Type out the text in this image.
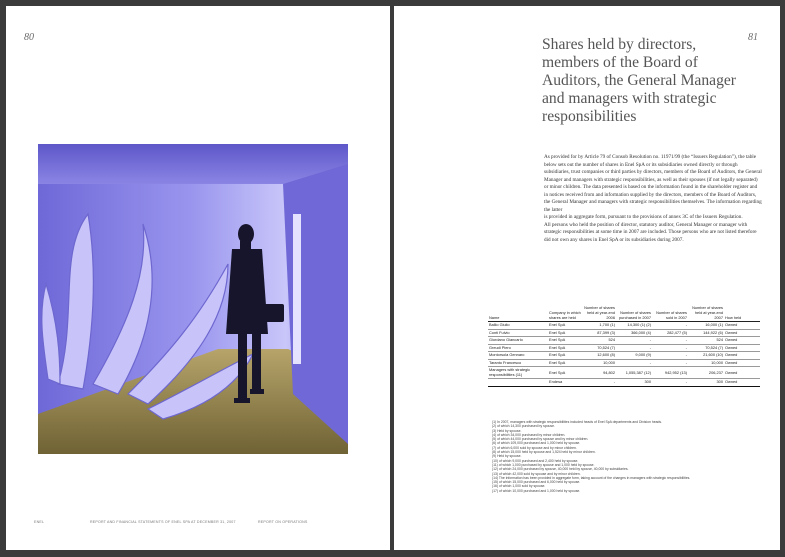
80
ENEL	REPORT AND FINANCIAL STATEMENTS OF ENEL SPA AT DECEMBER 31, 2007	REPORT ON OPERATIONS
81
Shares held by directors, members of the Board of Auditors, the General Manager and managers with strategic responsibilities

As provided for by Article 79 of Consob Resolution no. 11971/99 (the “Issuers Regulation”), the table below sets out the number of shares in Enel SpA or its subsidiaries owned directly or through subsidiaries, trust companies or third parties by directors, members of the Board of Auditors, the General Manager and managers with strategic responsibilities, as well as their spouses (if not legally separated) or minor children. The data presented is based on the information found in the shareholder register and in notices received from and information supplied by the directors, members of the Board of Auditors, the General Manager and managers with strategic responsibilities themselves. The information regarding the latter

is provided in aggregate form, pursuant to the provisions of annex 3C of the Issuers Regulation.

All persons who held the position of director, statutory auditor, General Manager or manager with strategic responsibilities at some time in 2007 are included. Those persons who are not listed therefore did not own any shares in Enel SpA or its subsidiaries during 2007.

Name	Company in which shares are held	Number of shares held at year-end 2006	Number of shares purchased in 2007	Number of shares sold in 2007	Number of shares held at year-end 2007	How held
Ballio Giulio	Enel SpA	1,700 (1)	14,300 (1) (2)	-	16,000 (1)	Owned
Conti Fulvio	Enel SpA	87,399 (3)	366,000 (4)	282,477 (5)	144,922 (6)	Owned
Giordano Giancarlo	Enel SpA	524	-	-	524	Owned
Greudi Piero	Enel SpA	70,524 (7)	-	-	70,524 (7)	Owned
Montorsola Gennaro	Enel SpA	12,600 (8)	9,000 (9)	-	21,600 (10)	Owned
Taranto Francesco	Enel SpA	10,000	-	-	10,000	Owned
Managers with strategic responsibilities (11)	Enel SpA	94,802	1,055,387 (12)	942,952 (13)	206,237	Owned
	Endesa	-	300	-	300	Owned

(1) In 2007, managers with strategic responsibilities included heads of Enel SpA departments and Division heads.

(2) of which 14,300 purchased by spouse.

(3) Held by spouse.

(4) of which 34,000 purchased by minor children.

(5) of which 44,000 purchased by spouse and by minor children.

(6) of which 109,000 purchased and 1,000 held by spouse.

(7) of which 6,000 sold by spouse and by minor children.

(8) of which 15,000 held by spouse and 1,524 held by minor children.

(9) Held by spouse.

(10) of which 9,000 purchased and 2,400 held by spouse.

(11) of which 1,000 purchased by spouse and 1,000 held by spouse.

(12) of which 24,000 purchased by spouse, 40,000 held by spouse, 40,000 by subsidiaries.

(13) of which 42,000 sold by spouse and by minor children.

(14) The information has been provided in aggregate form, taking account of the changes in managers with strategic responsibilities.

(15) of which 15,000 purchased and 6,000 held by spouse.

(16) of which 1,000 sold by spouse.

(17) of which 10,000 purchased and 1,000 held by spouse.
